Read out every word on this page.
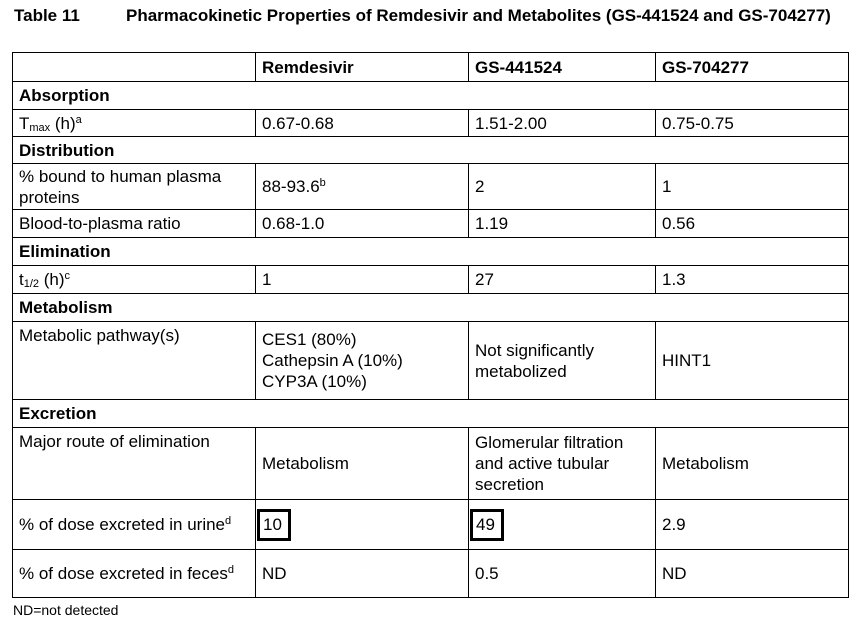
Table 11	Pharmacokinetic Properties of Remdesivir and Metabolites (GS-441524 and GS-704277)
	Remdesivir	GS-441524	GS-704277
Absorption			
$T_{max}$ $(h)^a$	0.67-0.68	1.51-2.00	0.75-0.75
Distribution			
% bound to human plasma proteins	88-93.6$^b$	2	1
Blood-to-plasma ratio	0.68-1.0	1.19	0.56
Elimination			
$t_{1/2}$ $(h)^c$	1	27	1.3
Metabolism			
Metabolic pathway(s)	CES1 (80%)
Cathepsin A (10%)
CYP3A (10%)	Not significantly metabolized	HINT1
Excretion			
Major route of elimination	Metabolism	Glomerular filtration and active tubular secretion	Metabolism
% of dose excreted in urine$^d$	10	49	2.9
% of dose excreted in feces$^d$	ND	0.5	ND
ND=not detected
